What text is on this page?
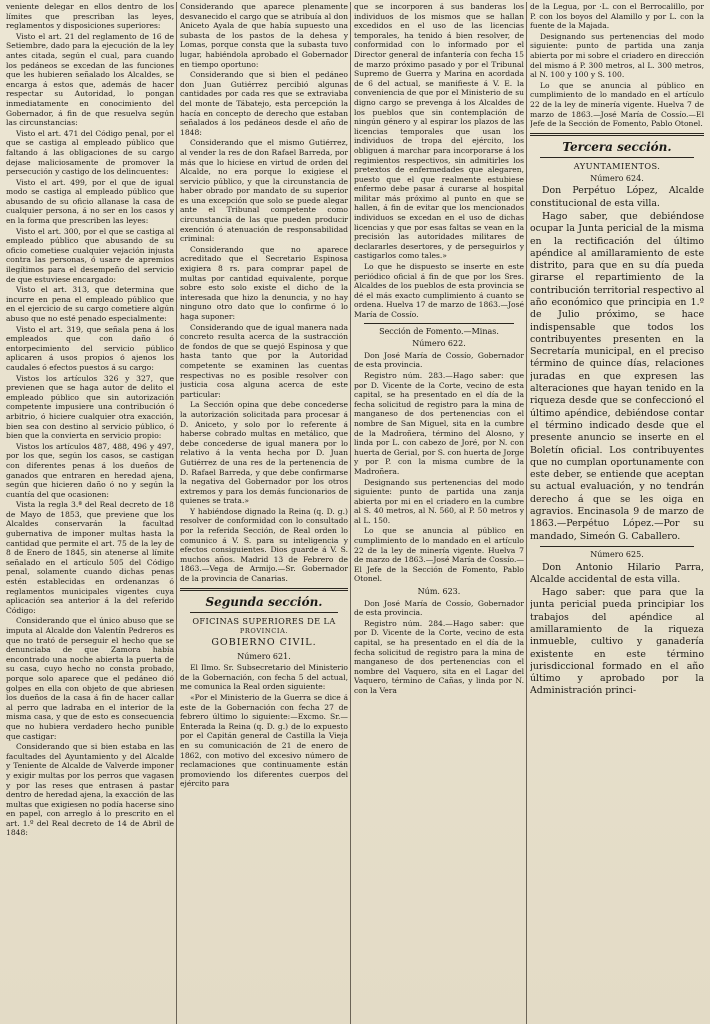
veniente delegar en ellos dentro de los límites que prescriban las leyes, reglamentos y disposiciones superiores:

Visto el art. 21 del reglamento de 16 de Setiembre, dado para la ejecución de la ley antes citada, según el cual, para cuando los pedáneos se excedan de las funciones que les hubieren señalado los Alcaldes, se encarga á estos que, además de hacer respectar su Autoridad, lo pongan inmediatamente en conocimiento del Gobernador, á fin de que resuelva según las circunstancias:

Visto el art. 471 del Código penal, por el que se castiga al empleado público que faltando á las obligaciones de su cargo dejase maliciosamente de promover la persecución y castigo de los delincuentes:

Visto el art. 499, por el que de igual modo se castiga al empleado público que abusando de su oficio allanase la casa de cualquier persona, á no ser en los casos y en la forma que prescriben las leyes:

Visto el art. 300, por el que se castiga al empleado público que abusando de su oficio cometiese cualquier vejación injusta contra las personas, ó usare de apremios ilegítimos para el desempeño del servicio de que estuviese encargado:

Visto el art. 313, que determina que incurre en pena el empleado público que en el ejercicio de su cargo cometiere algún abuso que no esté penado especialmente:

Visto el art. 319, que señala pena á los empleados que con daño ó entorpecimiento del servicio público aplicaren á usos propios ó ajenos los caudales ó efectos puestos á su cargo:

Vistos los artículos 326 y 327, que previenen que se haga autor de delito el empleado público que sin autorización competente impusiere una contribución ó arbitrio, ó hiciere cualquier otra exacción, bien sea con destino al servicio público, ó bien que la convierta en servicio propio:

Vistos los artículos 487, 488, 496 y 497, por los que, según los casos, se castigan con diferentes penas á los dueños de ganados que entraren en heredad ajena, según que hicieren daño ó no y según la cuantía del que ocasionen:

Vista la regla 3.ª del Real decreto de 18 de Mayo de 1853, que previene que los Alcaldes conservarán la facultad gubernativa de imponer multas hasta la cantidad que permite el art. 75 de la ley de 8 de Enero de 1845, sin atenerse al límite señalado en el artículo 505 del Código penal, solamente cuando dichas penas estén establecidas en ordenanzas ó reglamentos municipales vigentes cuya aplicación sea anterior á la del referido Código:

Considerando que el único abuso que se imputa al Alcalde don Valentín Pedreros es que no trató de perseguir el hecho que se denunciaba de que Zamora había encontrado una noche abierta la puerta de su casa, cuyo hecho no consta probado, porque solo aparece que el pedáneo dió golpes en ella con objeto de que abriesen los dueños de la casa á fin de hacer callar al perro que ladraba en el interior de la misma casa, y que de esto es consecuencia que no hubiera verdadero hecho punible que castigar:

Considerando que si bien estaba en las facultades del Ayuntamiento y del Alcalde y Teniente de Alcalde de Valverde imponer y exigir multas por los perros que vagasen y por las reses que entrasen á pastar dentro de heredad ajena, la exacción de las multas que exigiesen no podía hacerse sino en papel, con arreglo á lo prescrito en el art. 1.º del Real decreto de 14 de Abril de 1848:

Considerando que aparece plenamente desvanecido el cargo que se atribuía al don Aniceto Ayala de que había supuesto una subasta de los pastos de la dehesa y Lomas, porque consta que la subasta tuvo lugar, habiéndola aprobado el Gobernador en tiempo oportuno:

Considerando que si bien el pedáneo don Juan Gutiérrez percibió algunas cantidades por cada res que se extraviaba del monte de Tábatejo, esta percepción la hacía en concepto de derecho que estaban señalados á los pedáneos desde el año de 1848:

Considerando que el mismo Gutiérrez, al vender la res de don Rafael Barreda, por más que lo hiciese en virtud de orden del Alcalde, no era porque lo exigiese el servicio público, y que la circunstancia de haber obrado por mandato de su superior es una excepción que solo se puede alegar ante el Tribunal competente como circunstancia de las que pueden producir exención ó atenuación de responsabilidad criminal:

Considerando que no aparece acreditado que el Secretario Espinosa exigiera 8 rs. para comprar papel de multas por cantidad equivalente, porque sobre esto solo existe el dicho de la interesada que hizo la denuncia, y no hay ninguno otro dato que lo confirme ó lo haga suponer:

Considerando que de igual manera nada concreto resulta acerca de la sustracción de fondos de que se quejó Espinosa y que hasta tanto que por la Autoridad competente se examinen las cuentas respectivas no es posible resolver con justicia cosa alguna acerca de este particular:

La Sección opina que debe concederse la autorización solicitada para procesar á D. Aniceto, y solo por lo referente á haberse cobrado multas en metálico, que debe concederse de igual manera por lo relativo á la venta hecha por D. Juan Gutiérrez de una res de la pertenencia de D. Rafael Barreda, y que debe confirmarse la negativa del Gobernador por los otros extremos y para los demás funcionarios de quienes se trata.»

Y habiéndose dignado la Reina (q. D. g.) resolver de conformidad con lo consultado por la referida Sección, de Real orden lo comunico á V. S. para su inteligencia y efectos consiguientes. Dios guarde á V. S. muchos años. Madrid 13 de Febrero de 1863.—Vega de Armijo.—Sr. Gobernador de la provincia de Canarias.

Segunda sección.
OFICINAS SUPERIORES DE LA
PROVINCIA.
GOBIERNO CIVIL.
Número 621.

El Ilmo. Sr. Subsecretario del Ministerio de la Gobernación, con fecha 5 del actual, me comunica la Real orden siguiente:

«Por el Ministerio de la Guerra se dice á este de la Gobernación con fecha 27 de febrero último lo siguiente:—Excmo. Sr.—Enterada la Reina (q. D. g.) de lo expuesto por el Capitán general de Castilla la Vieja en su comunicación de 21 de enero de 1862, con motivo del excesivo número de reclamaciones que continuamente están promoviendo los diferentes cuerpos del ejército para

que se incorporen á sus banderas los individuos de los mismos que se hallan excedidos en el uso de las licencias temporales, ha tenido á bien resolver, de conformidad con lo informado por el Director general de infantería con fecha 15 de marzo próximo pasado y por el Tribunal Supremo de Guerra y Marina en acordada de 6 del actual, se manifieste á V. E. la conveniencia de que por el Ministerio de su digno cargo se prevenga á los Alcaldes de los pueblos que sin contemplación de ningún género y al espirar los plazos de las licencias temporales que usan los individuos de tropa del ejército, los obliguen á marchar para incorporarse á los regimientos respectivos, sin admitirles los pretextos de enfermedades que alegaren, puesto que el que realmente estubiese enfermo debe pasar á curarse al hospital militar más próximo al punto en que se hallen, á fin de evitar que los mencionados individuos se excedan en el uso de dichas licencias y que por esas faltas se vean en la precisión las autoridades militares de declararles desertores, y de perseguirlos y castigarlos como tales.»

Lo que he dispuesto se inserte en este periódico oficial á fin de que por los Sres. Alcaldes de los pueblos de esta provincia se dé el más exacto cumplimiento á cuanto se ordena. Huelva 17 de marzo de 1863.—José María de Cossío.

Sección de Fomento.—Minas.
Número 622.

Don José María de Cossío, Gobernador de esta provincia.

Registro núm. 283.—Hago saber: que por D. Vicente de la Corte, vecino de esta capital, se ha presentado en el día de la fecha solicitud de registro para la mina de manganeso de dos pertenencias con el nombre de San Miguel, sita en la cumbre de la Madroñera, término del Alosno, y linda por L. con cabezo de Joré, por N. con huerta de Gerial, por S. con huerta de Jorge y por P. con la misma cumbre de la Madroñera.

Designando sus pertenencias del modo siguiente: punto de partida una zanja abierta por mi en el criadero en la cumbre al S. 40 metros, al N. 560, al P. 50 metros y al L. 150.

Lo que se anuncia al público en cumplimiento de lo mandado en el artículo 22 de la ley de minería vigente. Huelva 7 de marzo de 1863.—José María de Cossío.—El Jefe de la Sección de Fomento, Pablo Otonel.

Núm. 623.

Don José María de Cossío, Gobernador de esta provincia.

Registro núm. 284.—Hago saber: que por D. Vicente de la Corte, vecino de esta capital, se ha presentado en el día de la fecha solicitud de registro para la mina de manganeso de dos pertenencias con el nombre del Vaquero, sita en el Lagar del Vaquero, término de Cañas, y linda por N. con la Vera

de la Legua, por ·L. con el Berrocalillo, por P. con los boyos del Alamillo y por L. con la fuente de la Majada.

Designando sus pertenencias del modo siguiente: punto de partida una zanja abierta por mi sobre el criadero en dirección del mismo á P. 300 metros, al L. 300 metros, al N. 100 y 100 y S. 100.

Lo que se anuncia al público en cumplimiento de lo mandado en el artículo 22 de la ley de minería vigente. Huelva 7 de marzo de 1863.—José María de Cossío.—El Jefe de la Sección de Fomento, Pablo Otonel.

Tercera sección.
AYUNTAMIENTOS.
Número 624.

Don Perpétuo López, Alcalde constitucional de esta villa.

Hago saber, que debiéndose ocupar la Junta pericial de la misma en la rectificación del último apéndice al amillaramiento de este distrito, para que en su día pueda girarse el repartimiento de la contribución territorial respectivo al año económico que principia en 1.º de Julio próximo, se hace indispensable que todos los contribuyentes presenten en la Secretaría municipal, en el preciso término de quince días, relaciones juradas en que expresen las alteraciones que hayan tenido en la riqueza desde que se confeccionó el último apéndice, debiéndose contar el término indicado desde que el presente anuncio se inserte en el Boletín oficial. Los contribuyentes que no cumplan oportunamente con este deber, se entiende que aceptan su actual evaluación, y no tendrán derecho á que se les oiga en agravios. Encinasola 9 de marzo de 1863.—Perpétuo López.—Por su mandado, Simeón G. Caballero.

Número 625.

Don Antonio Hilario Parra, Alcalde accidental de esta villa.

Hago saber: que para que la junta pericial pueda principiar los trabajos del apéndice al amillaramiento de la riqueza inmueble, cultivo y ganadería existente en este término jurisdiccional formado en el año último y aprobado por la Administración princi-
